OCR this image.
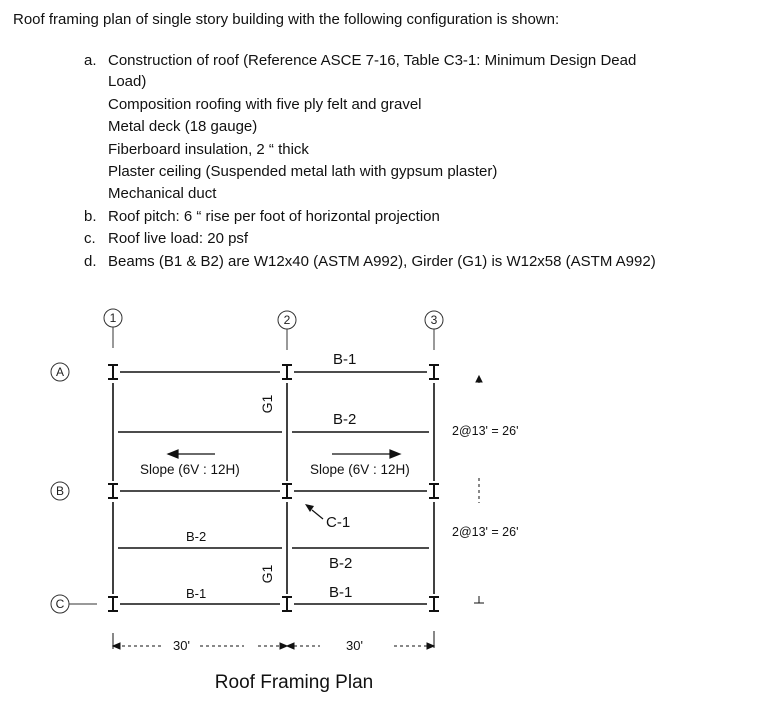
Roof framing plan of single story building with the following configuration is shown:
a. Construction of roof (Reference ASCE 7-16, Table C3-1: Minimum Design Dead
Load)
Composition roofing with five ply felt and gravel
Metal deck (18 gauge)
Fiberboard insulation, 2 “ thick
Plaster ceiling (Suspended metal lath with gypsum plaster)
Mechanical duct
b. Roof pitch: 6 “ rise per foot of horizontal projection
c. Roof live load: 20 psf
d. Beams (B1 & B2) are W12x40 (ASTM A992), Girder (G1) is W12x58 (ASTM A992)
1	2	3
A
B
C
B-1
B-2
B-2
B-1
C-1
B-2
B-1
G1
G1
Slope (6V : 12H)	Slope (6V : 12H)
2@13' = 26'
2@13' = 26'
30'	30'
Roof Framing Plan
